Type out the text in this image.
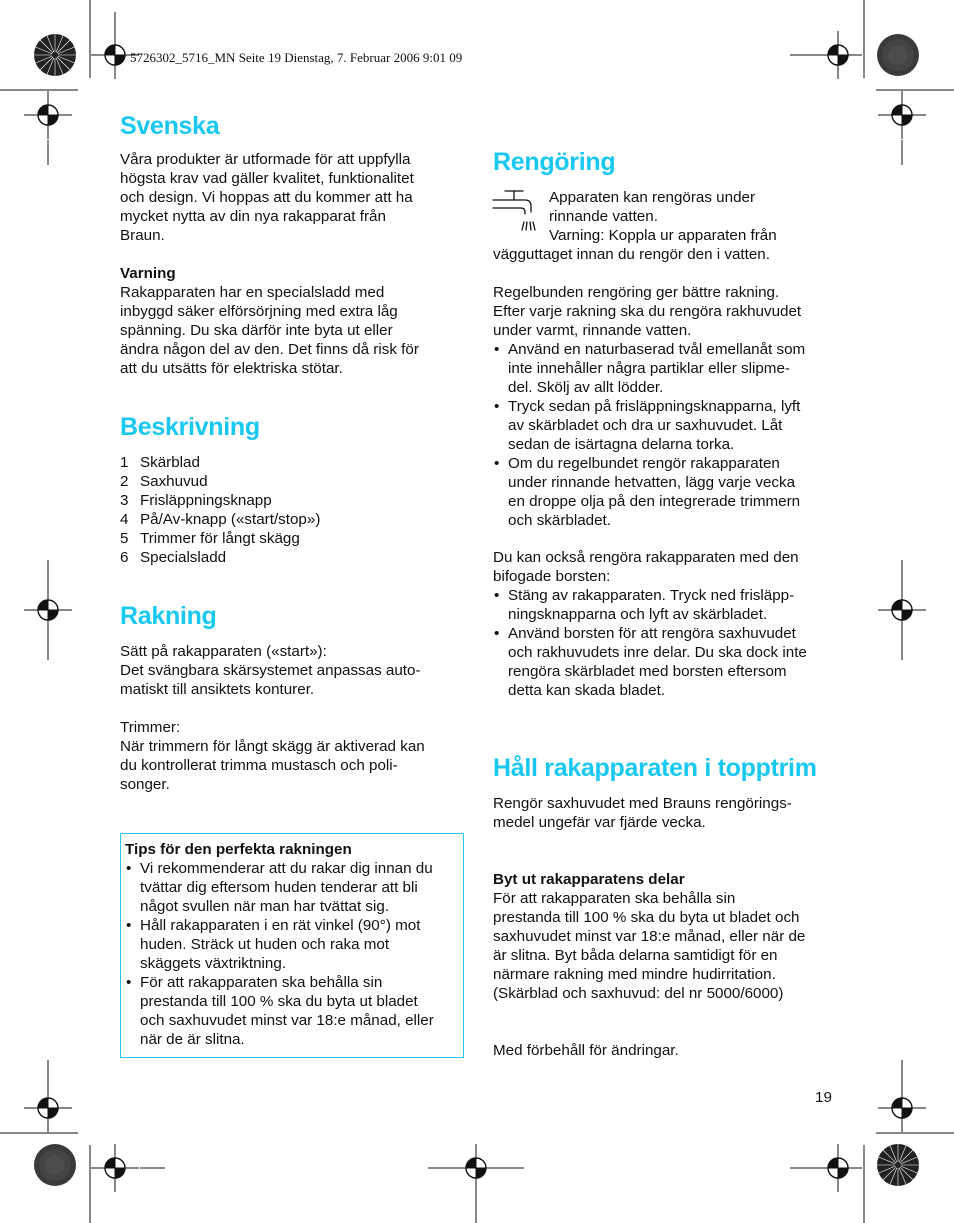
5726302_5716_MN Seite 19 Dienstag, 7. Februar 2006 9:01 09
Svenska

Våra produkter är utformade för att uppfylla
högsta krav vad gäller kvalitet, funktionalitet
och design. Vi hoppas att du kommer att ha
mycket nytta av din nya rakapparat från
Braun.

Varning

Rakapparaten har en specialsladd med
inbyggd säker elförsörjning med extra låg
spänning. Du ska därför inte byta ut eller
ändra någon del av den. Det finns då risk för
att du utsätts för elektriska stötar.

Beskrivning
1 Skärblad
2 Saxhuvud
3 Frisläppningsknapp
4 På/Av-knapp («start/stop»)
5 Trimmer för långt skägg
6 Specialsladd
Rakning

Sätt på rakapparaten («start»):
Det svängbara skärsystemet anpassas auto-
matiskt till ansiktets konturer.

Trimmer:
När trimmern för långt skägg är aktiverad kan
du kontrollerat trimma mustasch och poli-
songer.

Tips för den perfekta rakningen
• Vi rekommenderar att du rakar dig innan du
tvättar dig eftersom huden tenderar att bli
något svullen när man har tvättat sig.
• Håll rakapparaten i en rät vinkel (90°) mot
huden. Sträck ut huden och raka mot
skäggets växtriktning.
• För att rakapparaten ska behålla sin
prestanda till 100 % ska du byta ut bladet
och saxhuvudet minst var 18:e månad, eller
när de är slitna.
Rengöring

Apparaten kan rengöras under
rinnande vatten.
Varning: Koppla ur apparaten från

vägguttaget innan du rengör den i vatten.

Regelbunden rengöring ger bättre rakning.
Efter varje rakning ska du rengöra rakhuvudet
under varmt, rinnande vatten.

• Använd en naturbaserad tvål emellanåt som
inte innehåller några partiklar eller slipme-
del. Skölj av allt lödder.
• Tryck sedan på frisläppningsknapparna, lyft
av skärbladet och dra ur saxhuvudet. Låt
sedan de isärtagna delarna torka.
• Om du regelbundet rengör rakapparaten
under rinnande hetvatten, lägg varje vecka
en droppe olja på den integrerade trimmern
och skärbladet.

Du kan också rengöra rakapparaten med den
bifogade borsten:

• Stäng av rakapparaten. Tryck ned frisläpp-
ningsknapparna och lyft av skärbladet.
• Använd borsten för att rengöra saxhuvudet
och rakhuvudets inre delar. Du ska dock inte
rengöra skärbladet med borsten eftersom
detta kan skada bladet.
Håll rakapparaten i topptrim

Rengör saxhuvudet med Brauns rengörings-
medel ungefär var fjärde vecka.

Byt ut rakapparatens delar

För att rakapparaten ska behålla sin
prestanda till 100 % ska du byta ut bladet och
saxhuvudet minst var 18:e månad, eller när de
är slitna. Byt båda delarna samtidigt för en
närmare rakning med mindre hudirritation.
(Skärblad och saxhuvud: del nr 5000/6000)

Med förbehåll för ändringar.

19
